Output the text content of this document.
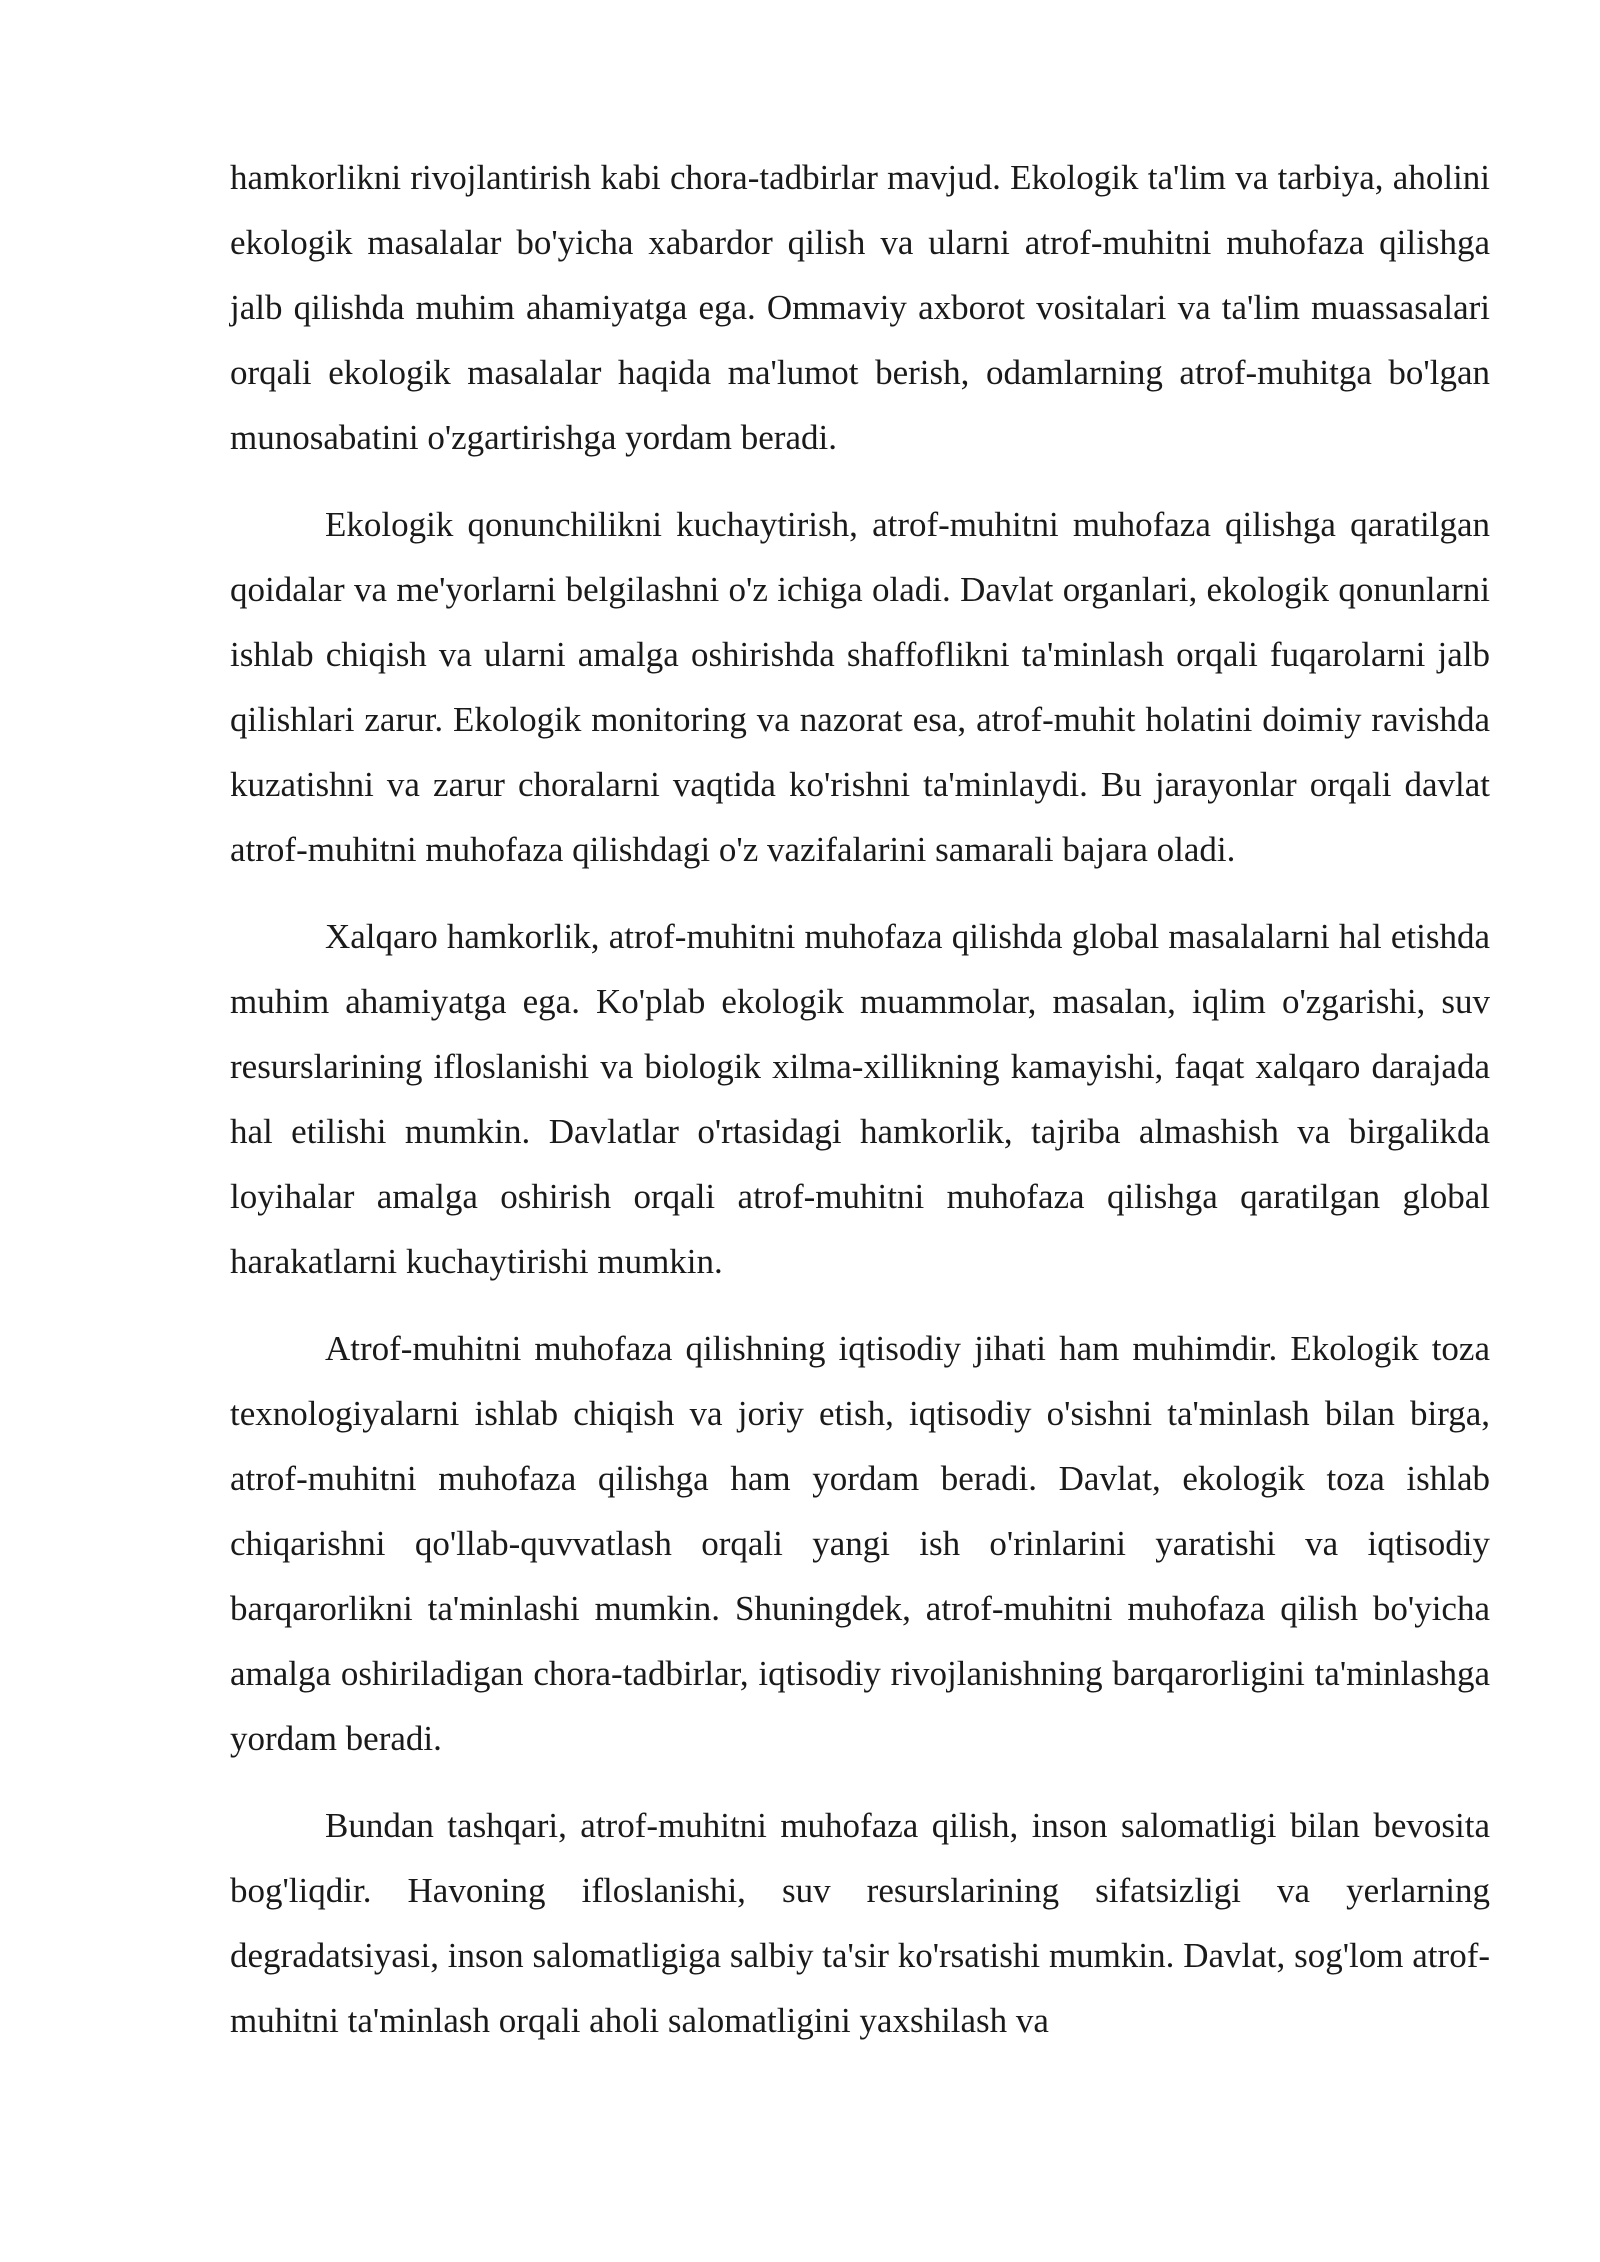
hamkorlikni rivojlantirish kabi chora-tadbirlar mavjud. Ekologik ta'lim va tarbiya, aholini ekologik masalalar bo'yicha xabardor qilish va ularni atrof-muhitni muhofaza qilishga jalb qilishda muhim ahamiyatga ega. Ommaviy axborot vositalari va ta'lim muassasalari orqali ekologik masalalar haqida ma'lumot berish, odamlarning atrof-muhitga bo'lgan munosabatini o'zgartirishga yordam beradi.

Ekologik qonunchilikni kuchaytirish, atrof-muhitni muhofaza qilishga qaratilgan qoidalar va me'yorlarni belgilashni o'z ichiga oladi. Davlat organlari, ekologik qonunlarni ishlab chiqish va ularni amalga oshirishda shaffoflikni ta'minlash orqali fuqarolarni jalb qilishlari zarur. Ekologik monitoring va nazorat esa, atrof-muhit holatini doimiy ravishda kuzatishni va zarur choralarni vaqtida ko'rishni ta'minlaydi. Bu jarayonlar orqali davlat atrof-muhitni muhofaza qilishdagi o'z vazifalarini samarali bajara oladi.

Xalqaro hamkorlik, atrof-muhitni muhofaza qilishda global masalalarni hal etishda muhim ahamiyatga ega. Ko'plab ekologik muammolar, masalan, iqlim o'zgarishi, suv resurslarining ifloslanishi va biologik xilma-xillikning kamayishi, faqat xalqaro darajada hal etilishi mumkin. Davlatlar o'rtasidagi hamkorlik, tajriba almashish va birgalikda loyihalar amalga oshirish orqali atrof-muhitni muhofaza qilishga qaratilgan global harakatlarni kuchaytirishi mumkin.

Atrof-muhitni muhofaza qilishning iqtisodiy jihati ham muhimdir. Ekologik toza texnologiyalarni ishlab chiqish va joriy etish, iqtisodiy o'sishni ta'minlash bilan birga, atrof-muhitni muhofaza qilishga ham yordam beradi. Davlat, ekologik toza ishlab chiqarishni qo'llab-quvvatlash orqali yangi ish o'rinlarini yaratishi va iqtisodiy barqarorlikni ta'minlashi mumkin. Shuningdek, atrof-muhitni muhofaza qilish bo'yicha amalga oshiriladigan chora-tadbirlar, iqtisodiy rivojlanishning barqarorligini ta'minlashga yordam beradi.

Bundan tashqari, atrof-muhitni muhofaza qilish, inson salomatligi bilan bevosita bog'liqdir. Havoning ifloslanishi, suv resurslarining sifatsizligi va yerlarning degradatsiyasi, inson salomatligiga salbiy ta'sir ko'rsatishi mumkin. Davlat, sog'lom atrof-muhitni ta'minlash orqali aholi salomatligini yaxshilash va
